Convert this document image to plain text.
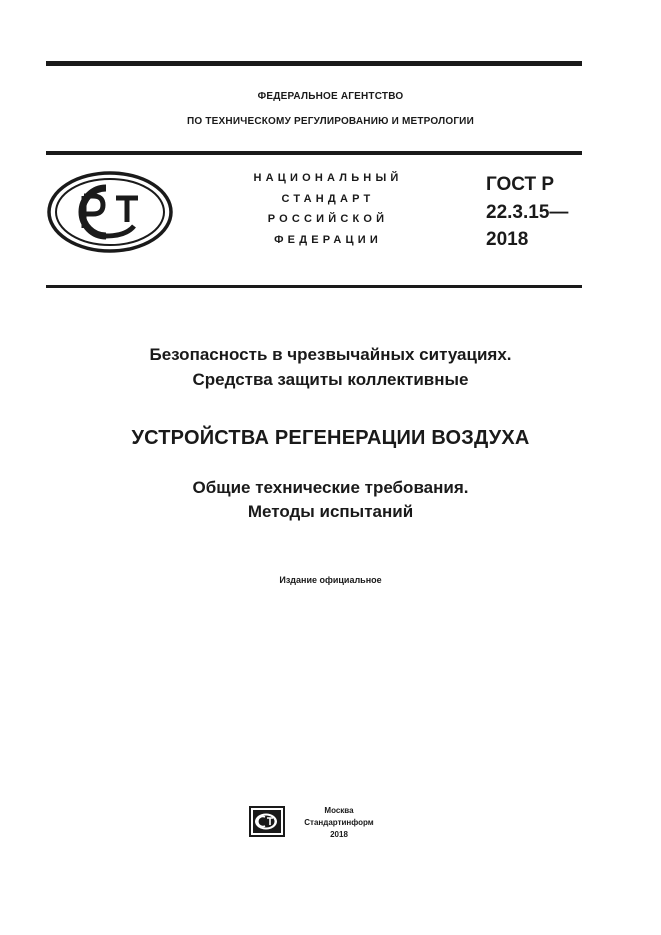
ФЕДЕРАЛЬНОЕ АГЕНТСТВО
ПО ТЕХНИЧЕСКОМУ РЕГУЛИРОВАНИЮ И МЕТРОЛОГИИ
НАЦИОНАЛЬНЫЙ
СТАНДАРТ
РОССИЙСКОЙ
ФЕДЕРАЦИИ
ГОСТ Р
22.3.15—
2018
Безопасность в чрезвычайных ситуациях.
Средства защиты коллективные
УСТРОЙСТВА РЕГЕНЕРАЦИИ ВОЗДУХА
Общие технические требования.
Методы испытаний
Издание официальное
Москва
Стандартинформ
2018
